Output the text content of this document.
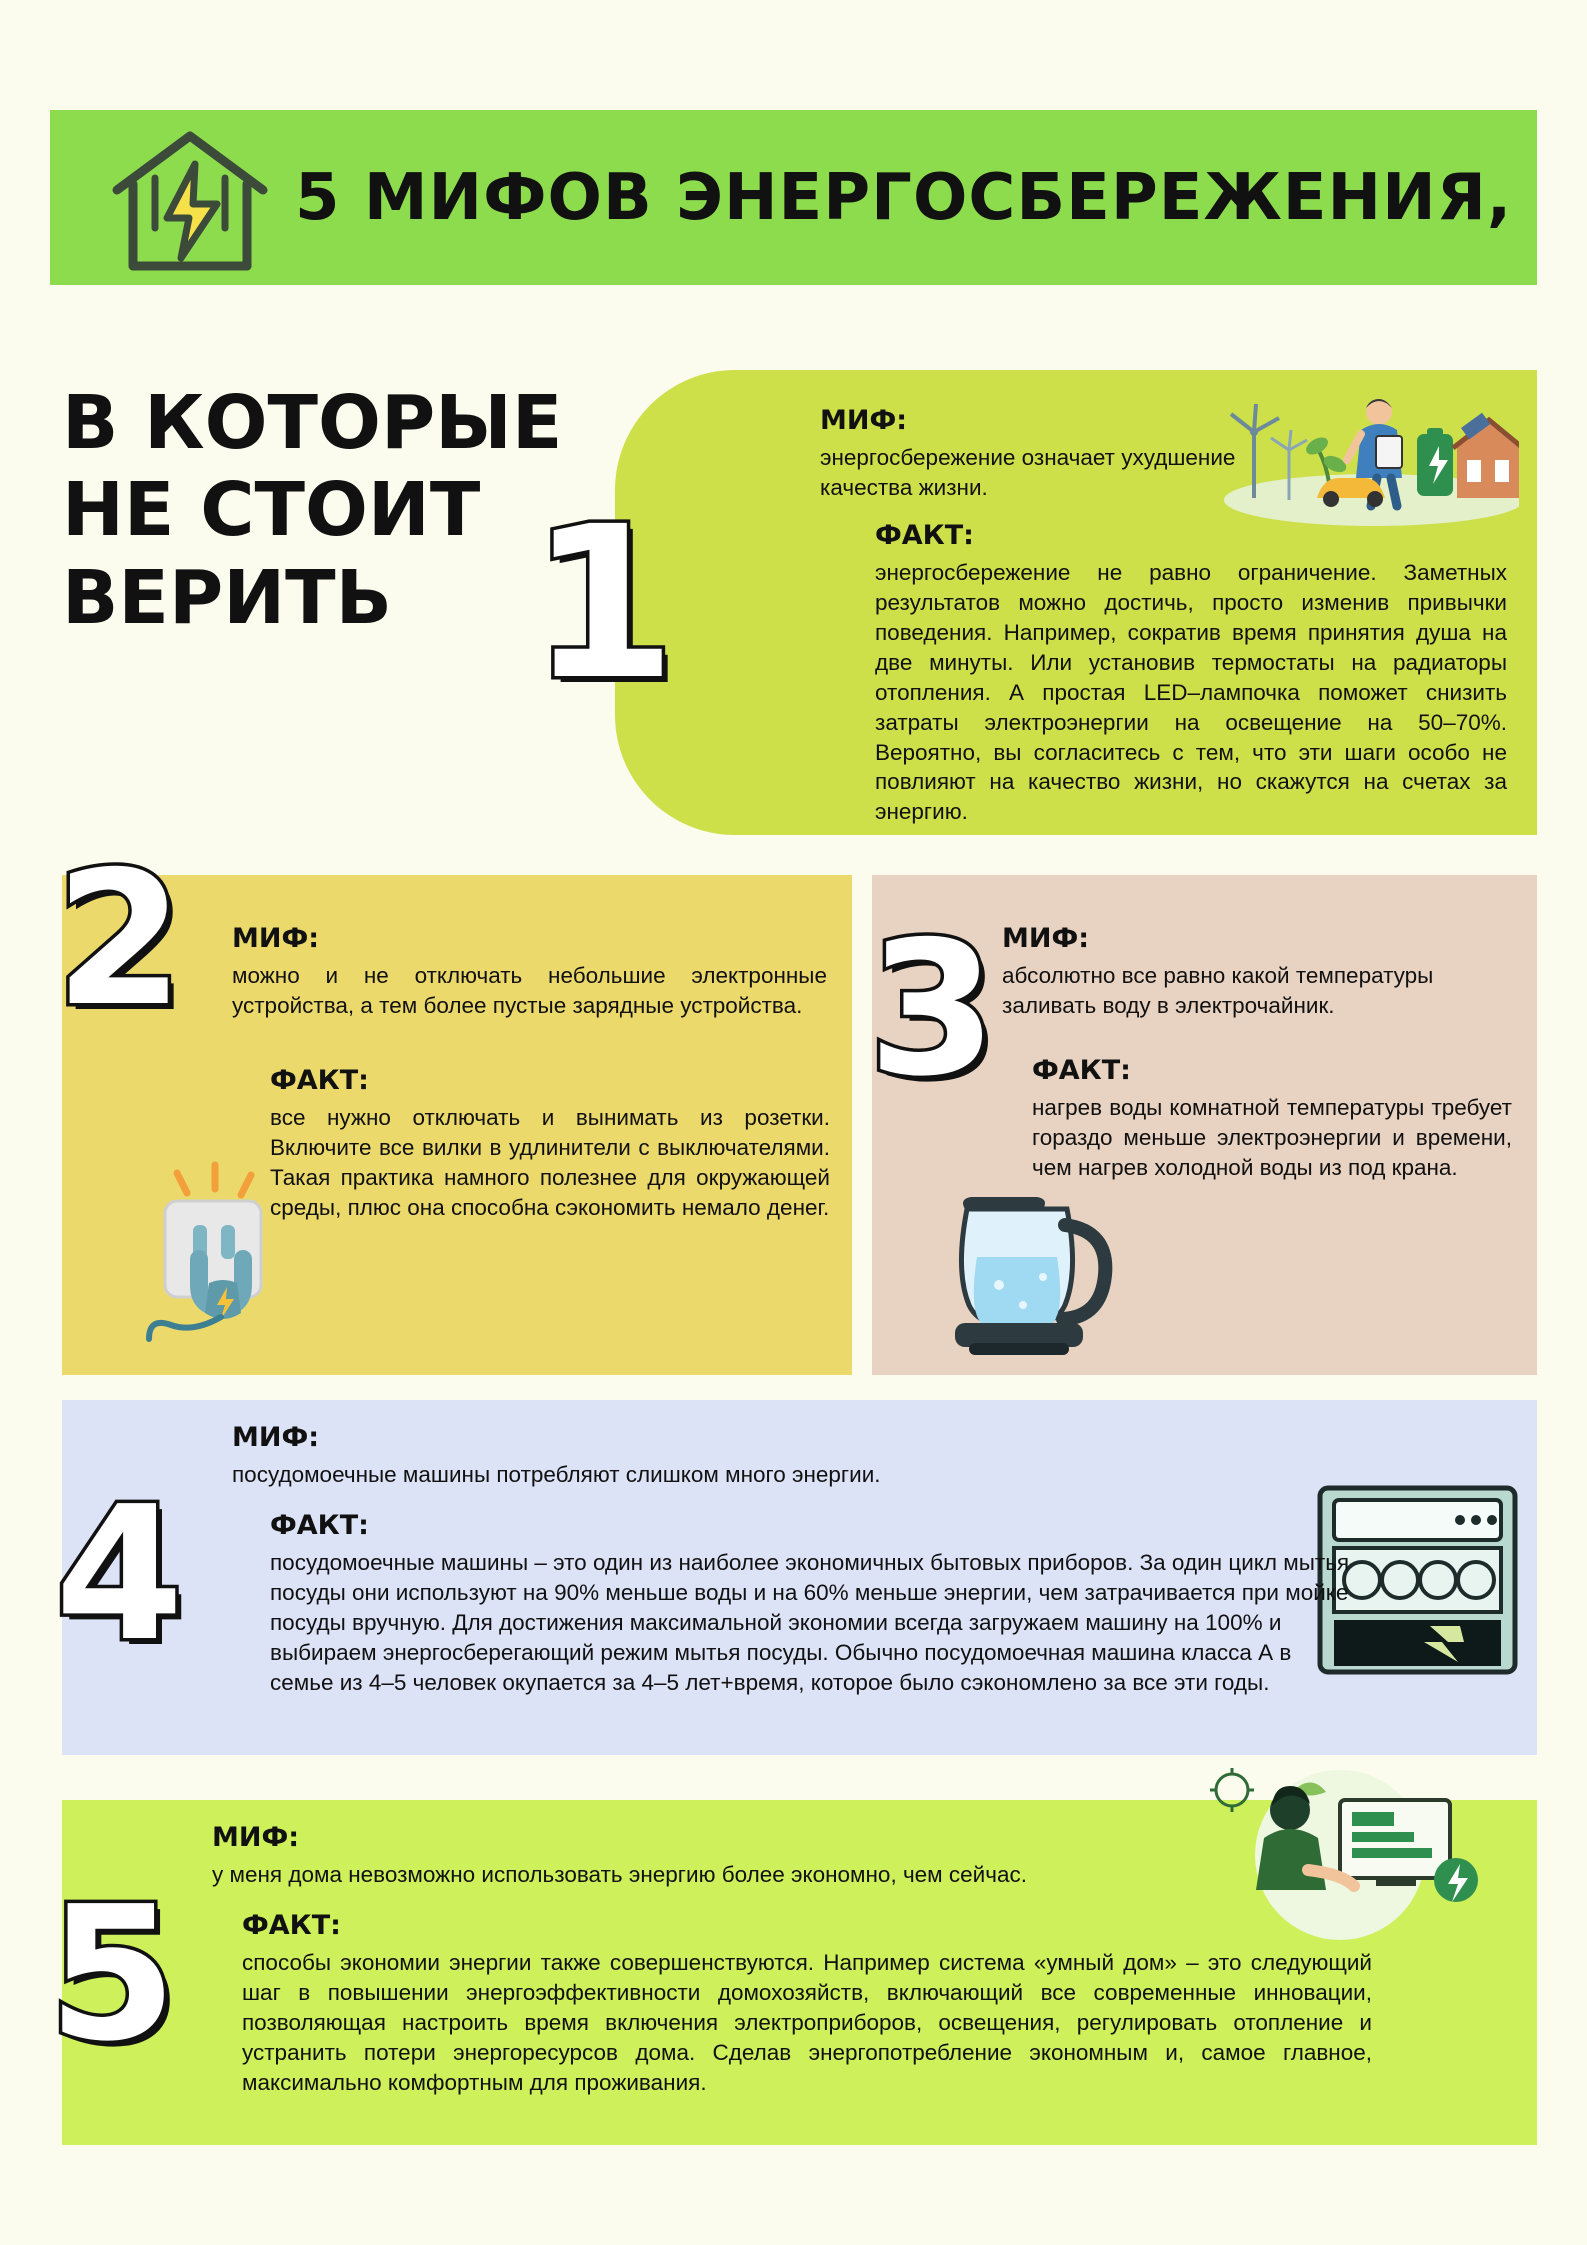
5 МИФОВ ЭНЕРГОСБЕРЕЖЕНИЯ,
В КОТОРЫЕ НЕ СТОИТ ВЕРИТЬ
МИФ:
энергосбережение означает ухудшение качества жизни.
ФАКТ:
энергосбережение не равно ограничение. Заметных результатов можно достичь, просто изменив привычки поведения. Например, сократив время принятия душа на две минуты. Или установив термостаты на радиаторы отопления. А простая LED–лампочка поможет снизить затраты электроэнергии на освещение на 50–70%. Вероятно, вы согласитесь с тем, что эти шаги особо не повлияют на качество жизни, но скажутся на счетах за энергию.
1
МИФ:
можно и не отключать небольшие электронные устройства, а тем более пустые зарядные устройства.
ФАКТ:
все нужно отключать и вынимать из розетки. Включите все вилки в удлинители с выключателями. Такая практика намного полезнее для окружающей среды, плюс она способна сэкономить немало денег.
2	МИФ:
абсолютно все равно какой температуры заливать воду в электрочайник.
ФАКТ:
нагрев воды комнатной температуры требует гораздо меньше электроэнергии и времени, чем нагрев холодной воды из под крана.
3
МИФ:
посудомоечные машины потребляют слишком много энергии.
ФАКТ:
посудомоечные машины – это один из наиболее экономичных бытовых приборов. За один цикл мытья посуды они используют на 90% меньше воды и на 60% меньше энергии, чем затрачивается при мойке посуды вручную. Для достижения максимальной экономии всегда загружаем машину на 100% и выбираем энергосберегающий режим мытья посуды. Обычно посудомоечная машина класса А в семье из 4–5 человек окупается за 4–5 лет+время, которое было сэкономлено за все эти годы.
4
МИФ:
у меня дома невозможно использовать энергию более экономно, чем сейчас.
ФАКТ:
способы экономии энергии также совершенствуются. Например система «умный дом» – это следующий шаг в повышении энергоэффективности домохозяйств, включающий все современные инновации, позволяющая настроить время включения электроприборов, освещения, регулировать отопление и устранить потери энергоресурсов дома. Сделав энергопотребление экономным и, самое главное, максимально комфортным для проживания.
5
